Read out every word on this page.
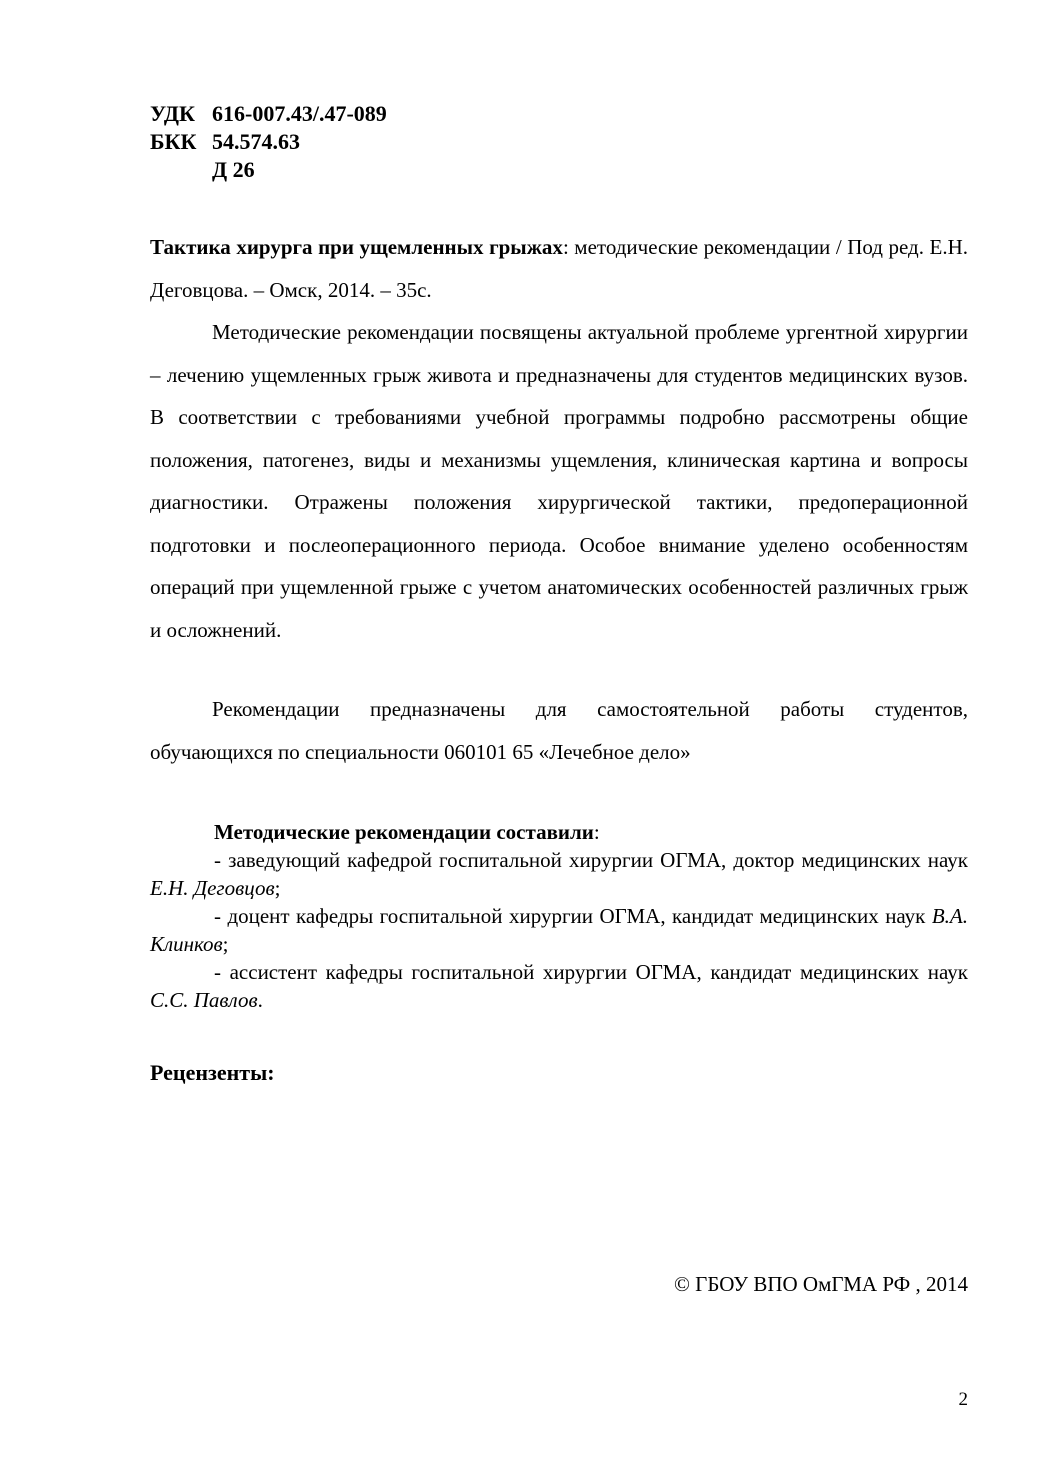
УДК 616-007.43/.47-089
БКК 54.574.63
Д 26

Тактика хирурга при ущемленных грыжах: методические рекомендации / Под ред. Е.Н. Деговцова. – Омск, 2014. – 35с.

Методические рекомендации посвящены актуальной проблеме ургентной хирургии – лечению ущемленных грыж живота и предназначены для студентов медицинских вузов. В соответствии с требованиями учебной программы подробно рассмотрены общие положения, патогенез, виды и механизмы ущемления, клиническая картина и вопросы диагностики. Отражены положения хирургической тактики, предоперационной подготовки и послеоперационного периода. Особое внимание уделено особенностям операций при ущемленной грыже с учетом анатомических особенностей различных грыж и осложнений.

Рекомендации предназначены для самостоятельной работы студентов, обучающихся по специальности 060101 65 «Лечебное дело»

Методические рекомендации составили:
- заведующий кафедрой госпитальной хирургии ОГМА, доктор медицинских наук Е.Н. Деговцов;
- доцент кафедры госпитальной хирургии ОГМА, кандидат медицинских наук В.А. Клинков;
- ассистент кафедры госпитальной хирургии ОГМА, кандидат медицинских наук С.С. Павлов.
Рецензенты:
© ГБОУ ВПО ОмГМА РФ , 2014
2
